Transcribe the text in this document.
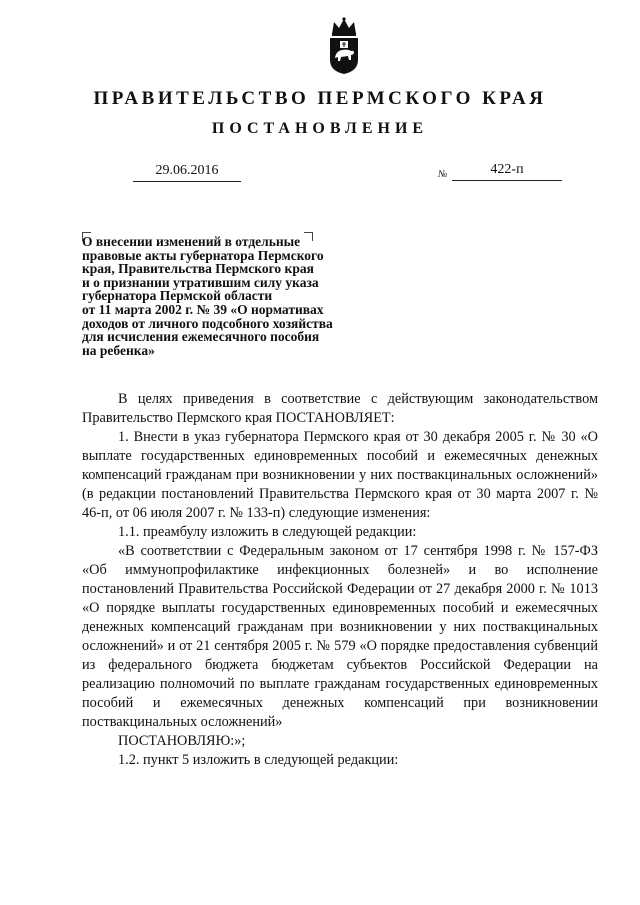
ПРАВИТЕЛЬСТВО ПЕРМСКОГО КРАЯ
ПОСТАНОВЛЕНИЕ
29.06.2016	№	422-п
О внесении изменений в отдельные
правовые акты губернатора Пермского
края, Правительства Пермского края
и о признании утратившим силу указа
губернатора Пермской области
от 11 марта 2002 г. № 39 «О нормативах
доходов от личного подсобного хозяйства
для исчисления ежемесячного пособия
на ребенка»

В целях приведения в соответствие с действующим законодательством Правительство Пермского края ПОСТАНОВЛЯЕТ:

1. Внести в указ губернатора Пермского края от 30 декабря 2005 г. № 30 «О выплате государственных единовременных пособий и ежемесячных денежных компенсаций гражданам при возникновении у них поствакцинальных осложнений» (в редакции постановлений Правительства Пермского края от 30 марта 2007 г. № 46-п, от 06 июля 2007 г. № 133-п) следующие изменения:

1.1. преамбулу изложить в следующей редакции:

«В соответствии с Федеральным законом от 17 сентября 1998 г. № 157-ФЗ «Об иммунопрофилактике инфекционных болезней» и во исполнение постановлений Правительства Российской Федерации от 27 декабря 2000 г. № 1013 «О порядке выплаты государственных единовременных пособий и ежемесячных денежных компенсаций гражданам при возникновении у них поствакцинальных осложнений» и от 21 сентября 2005 г. № 579 «О порядке предоставления субвенций из федерального бюджета бюджетам субъектов Российской Федерации на реализацию полномочий по выплате гражданам государственных единовременных пособий и ежемесячных денежных компенсаций при возникновении поствакцинальных осложнений»

ПОСТАНОВЛЯЮ:»;

1.2. пункт 5 изложить в следующей редакции:
